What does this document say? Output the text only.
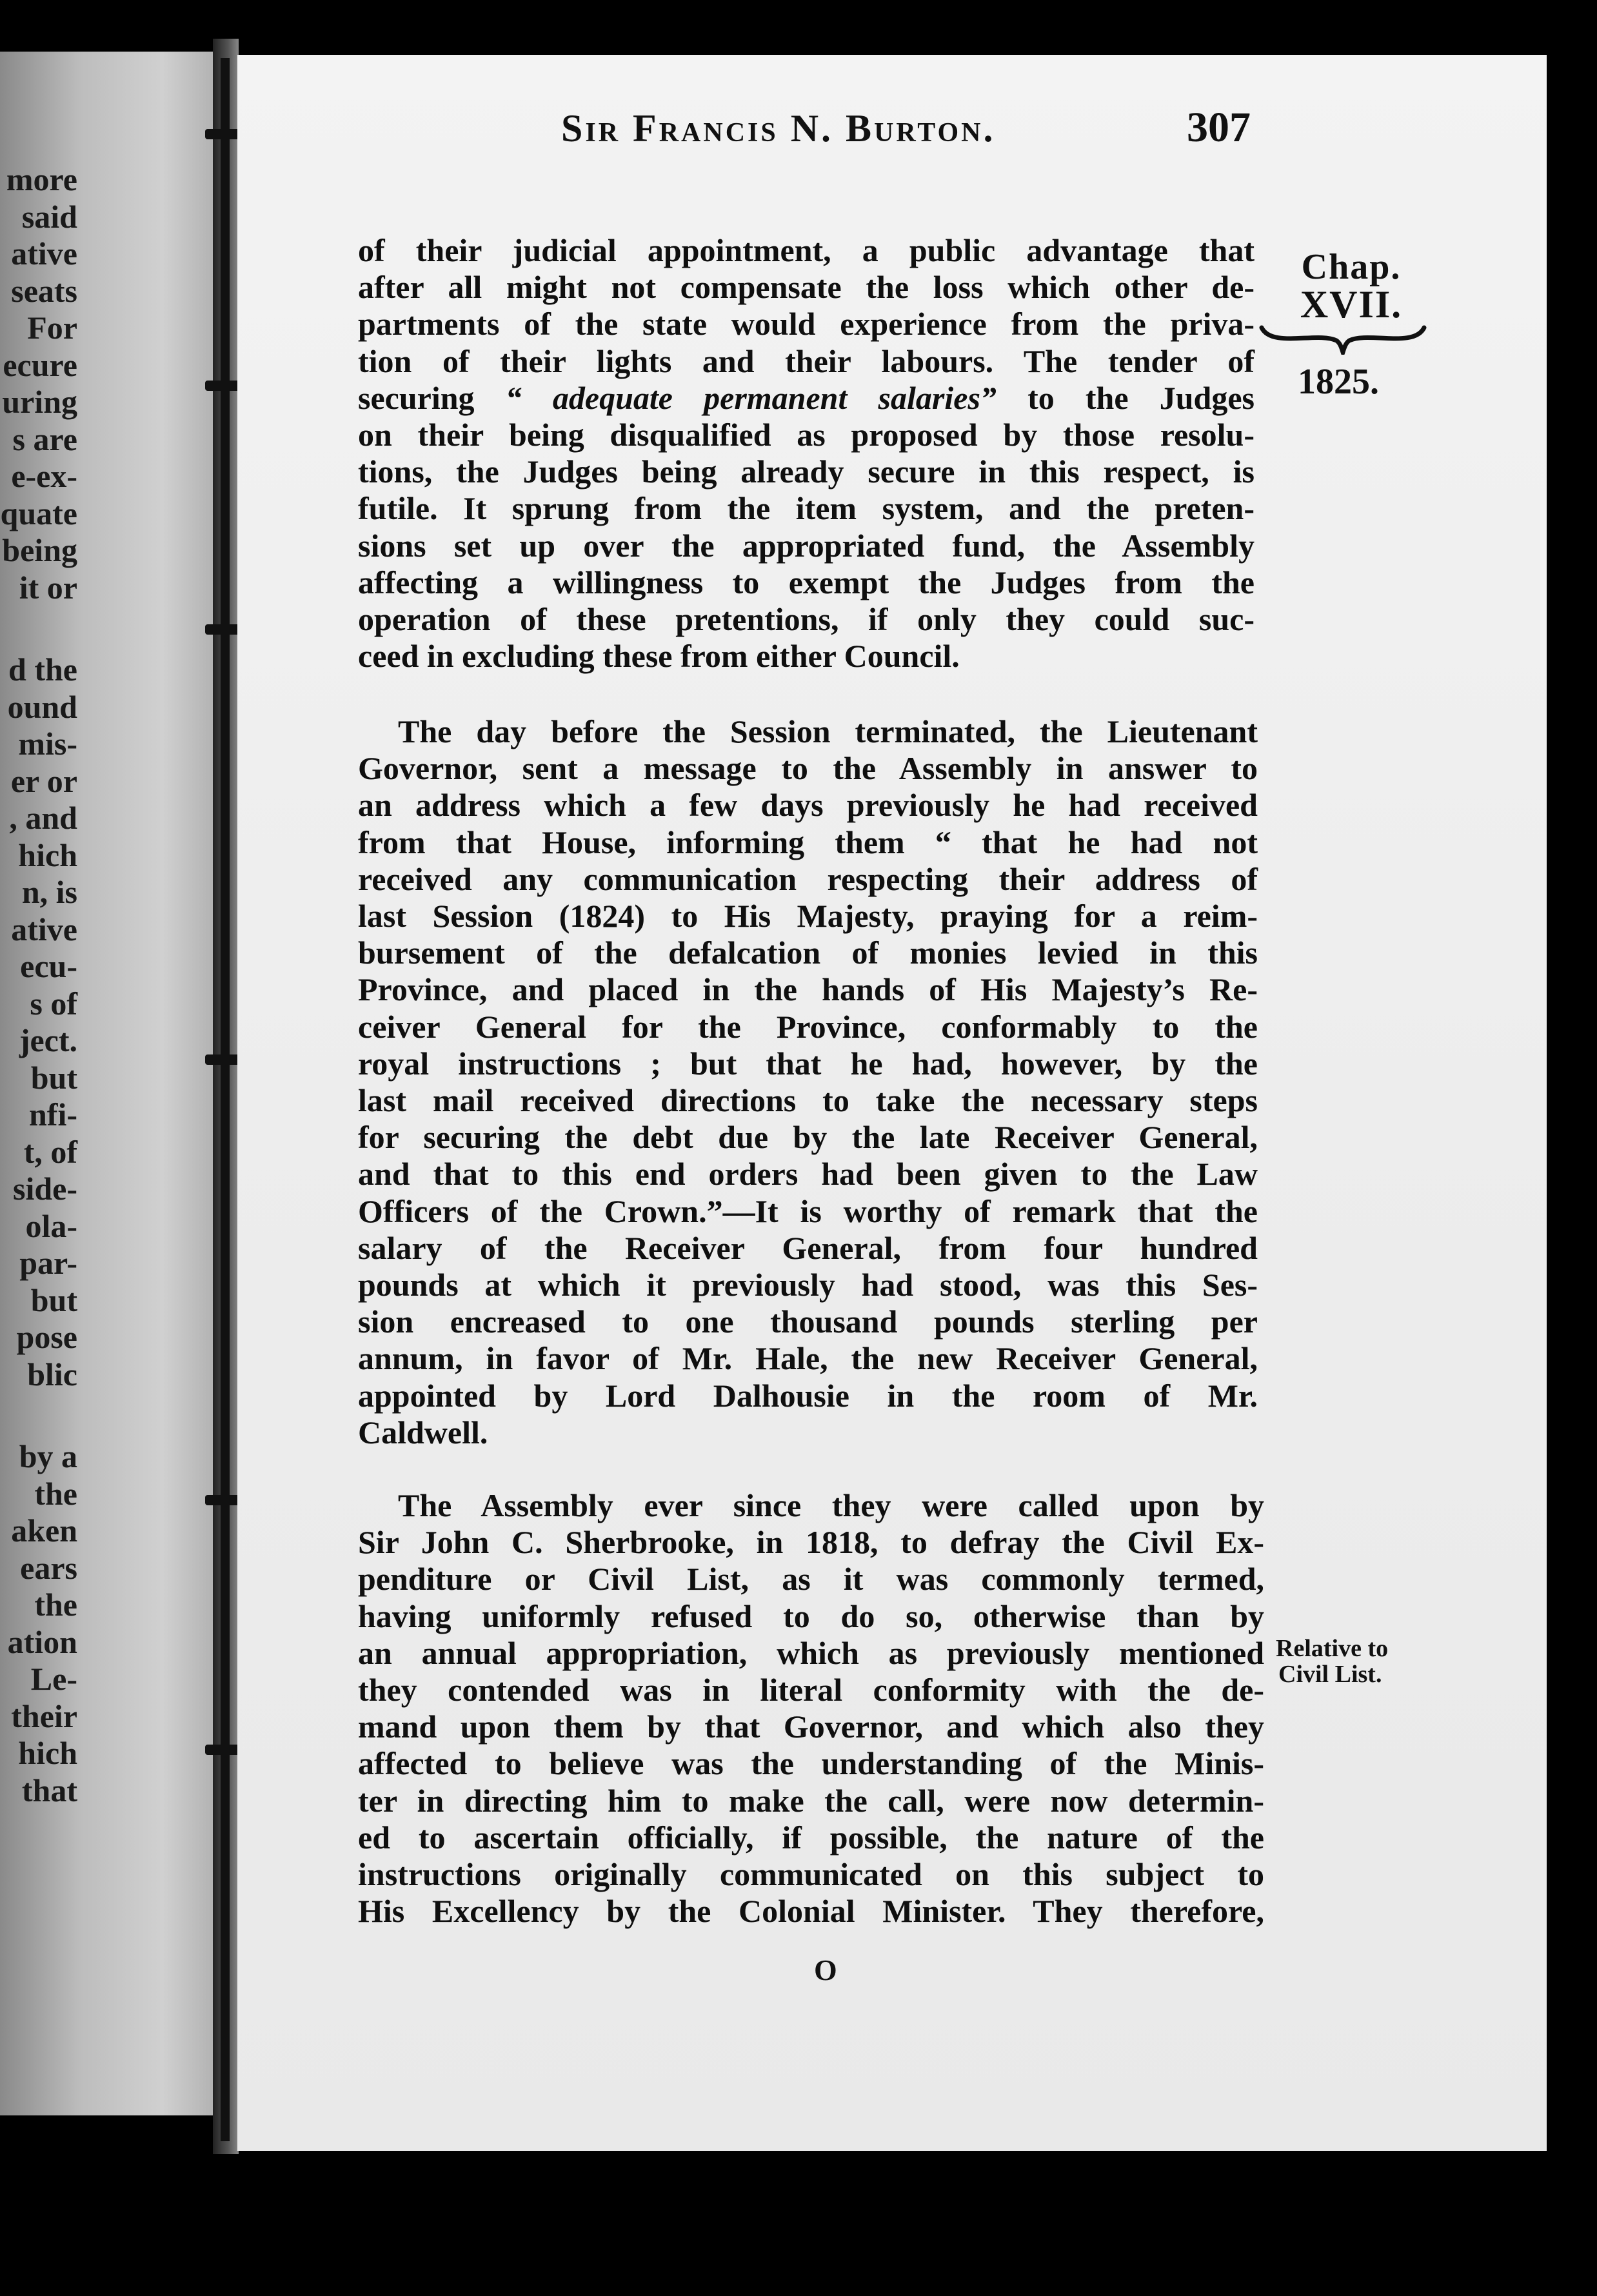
more
said
ative
seats
For
ecure
uring
s are
e-ex-
quate
being
it or
d the
ound
mis-
er or
, and
hich
n, is
ative
ecu-
s of
ject.
but
nfi-
t, of
side-
ola-
par-
but
pose
blic
by a
the
aken
ears
the
ation
Le-
their
hich
that
Sir Francis N. Burton.	307
of their judicial appointment, a public advantage that
after all might not compensate the loss which other de-
partments of the state would experience from the priva-
tion of their lights and their labours. The tender of
securing “ adequate permanent salaries” to the Judges
on their being disqualified as proposed by those resolu-
tions, the Judges being already secure in this respect, is
futile. It sprung from the item system, and the preten-
sions set up over the appropriated fund, the Assembly
affecting a willingness to exempt the Judges from the
operation of these pretentions, if only they could suc-
ceed in excluding these from either Council.
The day before the Session terminated, the Lieutenant
Governor, sent a message to the Assembly in answer to
an address which a few days previously he had received
from that House, informing them “ that he had not
received any communication respecting their address of
last Session (1824) to His Majesty, praying for a reim-
bursement of the defalcation of monies levied in this
Province, and placed in the hands of His Majesty’s Re-
ceiver General for the Province, conformably to the
royal instructions ; but that he had, however, by the
last mail received directions to take the necessary steps
for securing the debt due by the late Receiver General,
and that to this end orders had been given to the Law
Officers of the Crown.”—It is worthy of remark that the
salary of the Receiver General, from four hundred
pounds at which it previously had stood, was this Ses-
sion encreased to one thousand pounds sterling per
annum, in favor of Mr. Hale, the new Receiver General,
appointed by Lord Dalhousie in the room of Mr.
Caldwell.
The Assembly ever since they were called upon by
Sir John C. Sherbrooke, in 1818, to defray the Civil Ex-
penditure or Civil List, as it was commonly termed,
having uniformly refused to do so, otherwise than by
an annual appropriation, which as previously mentioned
they contended was in literal conformity with the de-
mand upon them by that Governor, and which also they
affected to believe was the understanding of the Minis-
ter in directing him to make the call, were now determin-
ed to ascertain officially, if possible, the nature of the
instructions originally communicated on this subject to
His Excellency by the Colonial Minister. They therefore,
O
Chap.
XVII.
1825.
Relative to
Civil List.
